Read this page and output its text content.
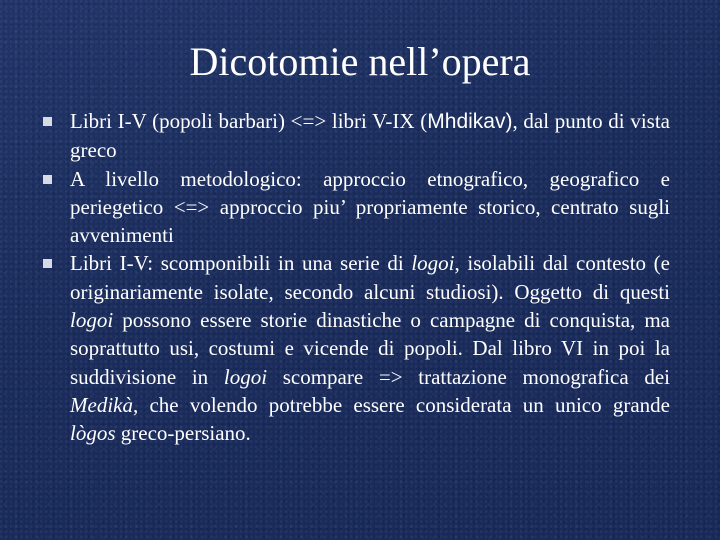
Dicotomie nell’opera
Libri I-V (popoli barbari) <=> libri V-IX (Mhdikav), dal punto di vista greco
A livello metodologico: approccio etnografico, geografico e periegetico <=> approccio piu’ propriamente storico, centrato sugli avvenimenti
Libri I-V: scomponibili in una serie di logoi, isolabili dal contesto (e originariamente isolate, secondo alcuni studiosi). Oggetto di questi logoi possono essere storie dinastiche o campagne di conquista, ma soprattutto usi, costumi e vicende di popoli. Dal libro VI in poi la suddivisione in logoi scompare => trattazione monografica dei Medikà, che volendo potrebbe essere considerata un unico grande lògos greco-persiano.
